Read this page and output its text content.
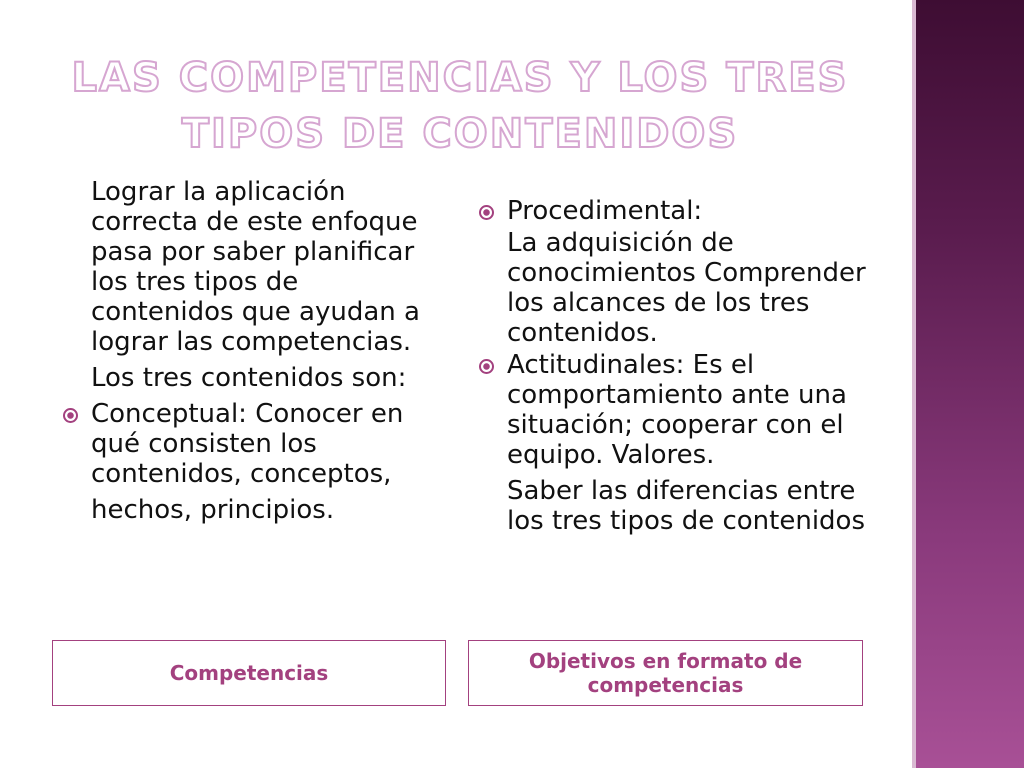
LAS COMPETENCIAS Y LOS TRES
TIPOS DE CONTENIDOS

Lograr la aplicación correcta de este enfoque pasa por saber planificar los tres tipos de contenidos que ayudan a lograr las competencias.

Los tres contenidos son:

Conceptual: Conocer en qué consisten los contenidos, conceptos,

hechos, principios.

Procedimental:

La adquisición de conocimientos Comprender los alcances de los tres contenidos.

Actitudinales: Es el comportamiento ante una situación; cooperar con el equipo. Valores.

Saber las diferencias entre los tres tipos de contenidos

Competencias	Objetivos en formato de competencias
